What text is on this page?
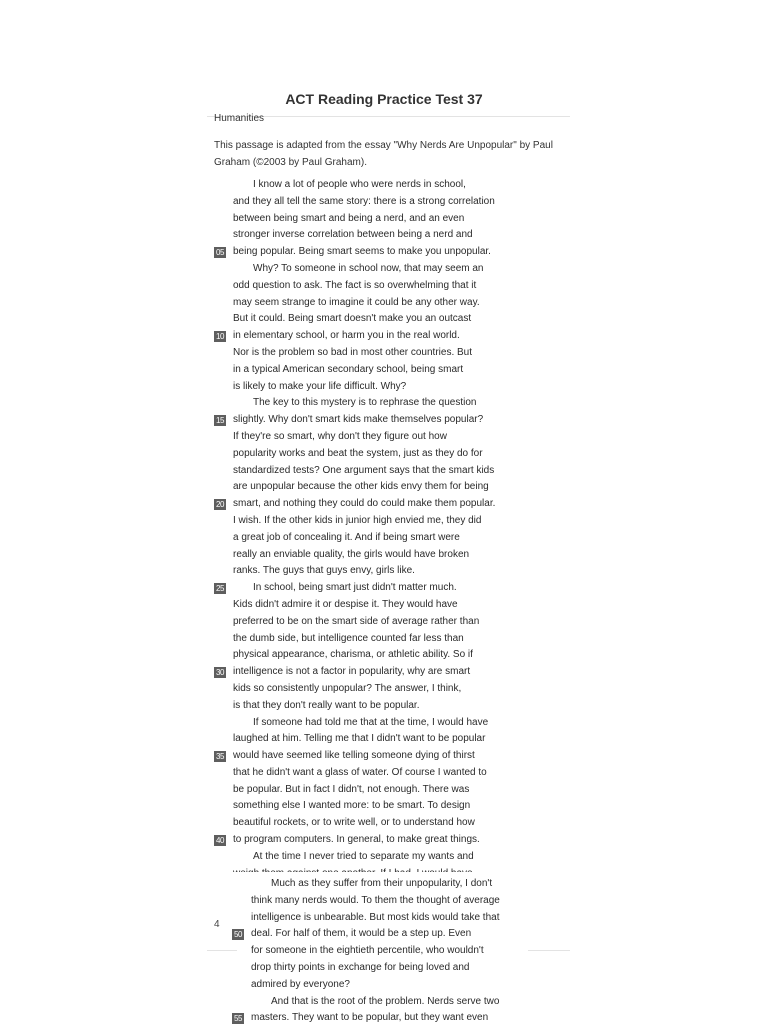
ACT Reading Practice Test 37
Humanities
This passage is adapted from the essay "Why Nerds Are Unpopular" by Paul Graham (©2003 by Paul Graham).
I know a lot of people who were nerds in school,
and they all tell the same story: there is a strong correlation
between being smart and being a nerd, and an even
stronger inverse correlation between being a nerd and
05 being popular. Being smart seems to make you unpopular.
Why? To someone in school now, that may seem an
odd question to ask. The fact is so overwhelming that it
may seem strange to imagine it could be any other way.
But it could. Being smart doesn't make you an outcast
10 in elementary school, or harm you in the real world.
Nor is the problem so bad in most other countries. But
in a typical American secondary school, being smart
is likely to make your life difficult. Why?
The key to this mystery is to rephrase the question
15 slightly. Why don't smart kids make themselves popular?
If they're so smart, why don't they figure out how
popularity works and beat the system, just as they do for
standardized tests? One argument says that the smart kids
are unpopular because the other kids envy them for being
20 smart, and nothing they could do could make them popular.
I wish. If the other kids in junior high envied me, they did
a great job of concealing it. And if being smart were
really an enviable quality, the girls would have broken
ranks. The guys that guys envy, girls like.
25	In school, being smart just didn't matter much.
Kids didn't admire it or despise it. They would have
preferred to be on the smart side of average rather than
the dumb side, but intelligence counted far less than
physical appearance, charisma, or athletic ability. So if
30 intelligence is not a factor in popularity, why are smart
kids so consistently unpopular? The answer, I think,
is that they don't really want to be popular.
If someone had told me that at the time, I would have
laughed at him. Telling me that I didn't want to be popular
35 would have seemed like telling someone dying of thirst
that he didn't want a glass of water. Of course I wanted to
be popular. But in fact I didn't, not enough. There was
something else I wanted more: to be smart. To design
beautiful rockets, or to write well, or to understand how
40 to program computers. In general, to make great things.
At the time I never tried to separate my wants and
4
Much as they suffer from their unpopularity, I don't
think many nerds would. To them the thought of average
intelligence is unbearable. But most kids would take that
50 deal. For half of them, it would be a step up. Even
for someone in the eightieth percentile, who wouldn't
drop thirty points in exchange for being loved and
admired by everyone?
And that is the root of the problem. Nerds serve two
55 masters. They want to be popular, but they want even
